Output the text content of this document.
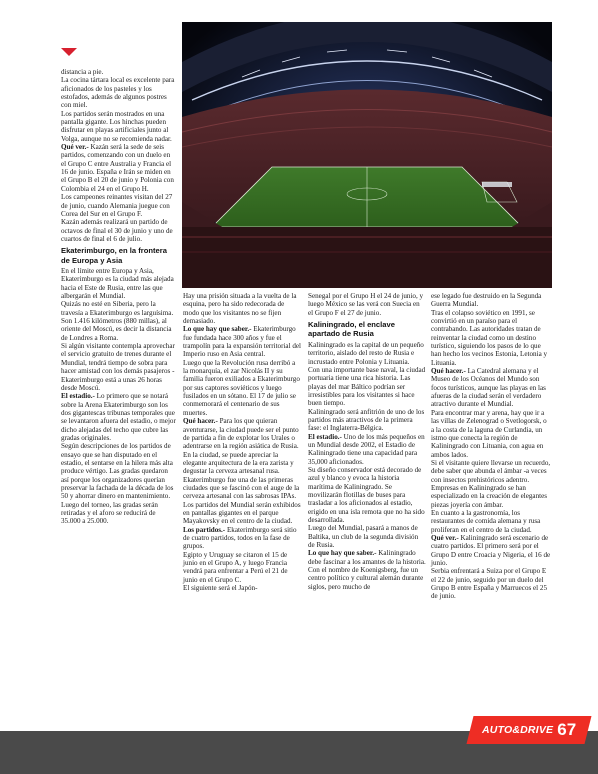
distancia a pie.

La cocina tártara local es excelente para aficionados de los pasteles y los estofados, además de algunos postres con miel.

Los partidos serán mostrados en una pantalla gigante. Los hinchas pueden disfrutar en playas artificiales junto al Volga, aunque no se recomienda nadar.

Qué ver.- Kazán será la sede de seis partidos, comenzando con un duelo en el Grupo C entre Australia y Francia el 16 de junio. España e Irán se miden en el Grupo B el 20 de junio y Polonia con Colombia el 24 en el Grupo H.

Los campeones reinantes visitan del 27 de junio, cuando Alemania juegue con Corea del Sur en el Grupo F.

Kazán además realizará un partido de octavos de final el 30 de junio y uno de cuartos de final el 6 de julio.

Ekaterimburgo, en la frontera de Europa y Asia

En el límite entre Europa y Asia, Ekaterimburgo es la ciudad más alejada hacia el Este de Rusia, entre las que albergarán el Mundial.

Quizás no esté en Siberia, pero la travesía a Ekaterimburgo es larguísima. Son 1.416 kilómetros (880 millas), al oriente del Moscú, es decir la distancia de Londres a Roma.

Si algún visitante contempla aprovechar el servicio gratuito de trenes durante el Mundial, tendrá tiempo de sobra para hacer amistad con los demás pasajeros -Ekaterimburgo está a unas 26 horas desde Moscú.

El estadio.- Lo primero que se notará sobre la Arena Ekaterimburgo son los dos gigantescas tribunas temporales que se levantaron afuera del estadio, o mejor dicho alejadas del techo que cubre las gradas originales.

Según descripciones de los partidos de ensayo que se han disputado en el estadio, el sentarse en la hilera más alta produce vértigo. Las gradas quedaron así porque los organizadores querían preservar la fachada de la década de los 50 y ahorrar dinero en mantenimiento. Luego del torneo, las gradas serán retiradas y el aforo se reducirá de 35.000 a 25.000.

Hay una prisión situada a la vuelta de la esquina, pero ha sido redecorada de modo que los visitantes no se fijen demasiado.

Lo que hay que saber.- Ekaterimburgo fue fundada hace 300 años y fue el trampolín para la expansión territorial del Imperio ruso en Asia central.

Luego que la Revolución rusa derribó a la monarquía, el zar Nicolás II y su familia fueron exiliados a Ekaterimburgo por sus captores soviéticos y luego fusilados en un sótano. El 17 de julio se conmemorará el centenario de sus muertes.

Qué hacer.- Para los que quieran aventurarse, la ciudad puede ser el punto de partida a fin de explotar los Urales o adentrarse en la región asiática de Rusia.

En la ciudad, se puede apreciar la elegante arquitectura de la era zarista y degustar la cerveza artesanal rusa. Ekaterimburgo fue una de las primeras ciudades que se fascinó con el auge de la cerveza artesanal con las sabrosas IPAs.

Los partidos del Mundial serán exhibidos en pantallas gigantes en el parque Mayakovsky en el centro de la ciudad.

Los partidos.- Ekaterimburgo será sitio de cuatro partidos, todos en la fase de grupos.

Egipto y Uruguay se citaron el 15 de junio en el Grupo A, y luego Francia vendrá para enfrentar a Perú el 21 de junio en el Grupo C.

El siguiente será el Japón-

Senegal por el Grupo H el 24 de junio, y luego México se las verá con Suecia en el Grupo F el 27 de junio.

Kaliningrado, el enclave apartado de Rusia

Kaliningrado es la capital de un pequeño territorio, aislado del resto de Rusia e incrustado entre Polonia y Lituania.

Con una importante base naval, la ciudad portuaria tiene una rica historia. Las playas del mar Báltico podrían ser irresistibles para los visitantes si hace buen tiempo.

Kaliningrado será anfitrión de uno de los partidos más atractivos de la primera fase: el Inglaterra-Bélgica.

El estadio.- Uno de los más pequeños en un Mundial desde 2002, el Estadio de Kaliningrado tiene una capacidad para 35,000 aficionados.

Su diseño conservador está decorado de azul y blanco y evoca la historia marítima de Kaliningrado. Se movilizarán flotillas de buses para trasladar a los aficionados al estadio, erigido en una isla remota que no ha sido desarrollada.

Luego del Mundial, pasará a manos de Baltika, un club de la segunda división de Rusia.

Lo que hay que saber.- Kaliningrado debe fascinar a los amantes de la historia. Con el nombre de Koenigsberg, fue un centro político y cultural alemán durante siglos, pero mucho de

ese legado fue destruido en la Segunda Guerra Mundial.

Tras el colapso soviético en 1991, se convirtió en un paraíso para el contrabando. Las autoridades tratan de reinventar la ciudad como un destino turístico, siguiendo los pasos de lo que han hecho los vecinos Estonia, Letonia y Lituania.

Qué hacer.- La Catedral alemana y el Museo de los Océanos del Mundo son focos turísticos, aunque las playas en las afueras de la ciudad serán el verdadero atractivo durante el Mundial.

Para encontrar mar y arena, hay que ir a las villas de Zelenograd o Svetlogorsk, o a la costa de la laguna de Curlandia, un istmo que conecta la región de Kaliningrado con Lituania, con agua en ambos lados.

Si el visitante quiere llevarse un recuerdo, debe saber que abunda el ámbar -a veces con insectos prehistóricos adentro. Empresas en Kaliningrado se han especializado en la creación de elegantes piezas joyería con ámbar.

En cuanto a la gastronomía, los restaurantes de comida alemana y rusa proliferan en el centro de la ciudad.

Qué ver.- Kaliningrado será escenario de cuatro partidos. El primero será por el Grupo D entre Croacia y Nigeria, el 16 de junio.

Serbia enfrentará a Suiza por el Grupo E el 22 de junio, seguido por un duelo del Grupo B entre España y Marruecos el 25 de junio.

AUTO&DRIVE 67
